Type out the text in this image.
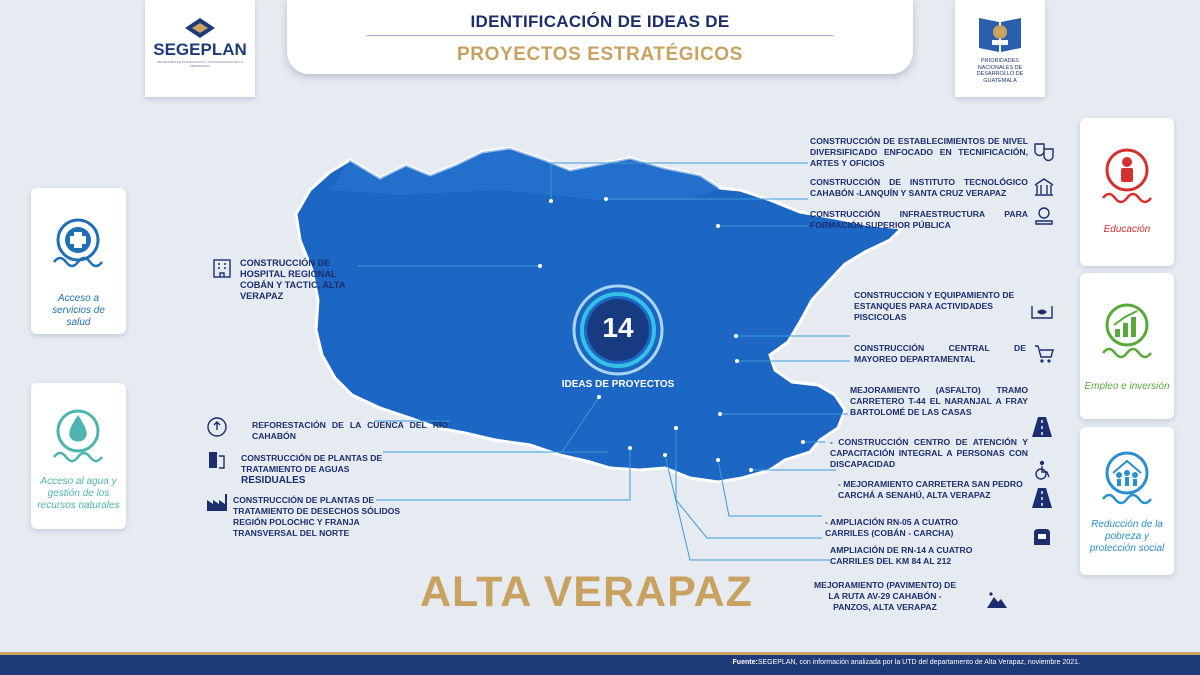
SEGEPLAN
SECRETARÍA DE PLANIFICACIÓN Y PROGRAMACIÓN DE LA PRESIDENCIA
IDENTIFICACIÓN DE IDEAS DE
PROYECTOS ESTRATÉGICOS	PRIORIDADES NACIONALES DE DESARROLLO DE GUATEMALA
14
IDEAS DE PROYECTOS
Acceso a servicios de salud
Acceso al agua y gestión de los recursos naturales
Educación
Empleo e inversión
Reducción de la pobreza y protección social
CONSTRUCCIÓN DE ESTABLECIMIENTOS DE NIVEL DIVERSIFICADO ENFOCADO EN TECNIFICACIÓN, ARTES Y OFICIOS
CONSTRUCCIÓN DE INSTITUTO TECNOLÓGICO CAHABÓN -LANQUÍN Y SANTA CRUZ VERAPAZ
CONSTRUCCIÓN INFRAESTRUCTURA PARA FORMACIÓN SUPERIOR PÚBLICA
CONSTRUCCIÓN DE HOSPITAL REGIONAL COBÁN Y TACTIC, ALTA VERAPAZ	CONSTRUCCION Y EQUIPAMIENTO DE ESTANQUES PARA ACTIVIDADES PISCICOLAS
CONSTRUCCIÓN CENTRAL DE MAYOREO DEPARTAMENTAL
MEJORAMIENTO (ASFALTO) TRAMO CARRETERO T-44 EL NARANJAL A FRAY BARTOLOMÉ DE LAS CASAS
REFORESTACIÓN DE LA CUENCA DEL RÍO CAHABÓN
CONSTRUCCIÓN DE PLANTAS DE TRATAMIENTO DE AGUAS
RESIDUALES
- CONSTRUCCIÓN CENTRO DE ATENCIÓN Y CAPACITACIÓN INTEGRAL A PERSONAS CON DISCAPACIDAD
- MEJORAMIENTO CARRETERA SAN PEDRO CARCHÁ A SENAHÚ, ALTA VERAPAZ
CONSTRUCCIÓN DE PLANTAS DE TRATAMIENTO DE DESECHOS SÓLIDOS REGIÓN POLOCHIC Y FRANJA TRANSVERSAL DEL NORTE
- AMPLIACIÓN RN-05 A CUATRO CARRILES (COBÁN - CARCHA)
AMPLIACIÓN DE RN-14 A CUATRO CARRILES DEL KM 84 AL 212
MEJORAMIENTO (PAVIMENTO) DE LA RUTA AV-29 CAHABÓN - PANZOS, ALTA VERAPAZ
ALTA VERAPAZ
Fuente:SEGEPLAN, con información analizada por la UTD del departamento de Alta Verapaz, noviembre 2021.
